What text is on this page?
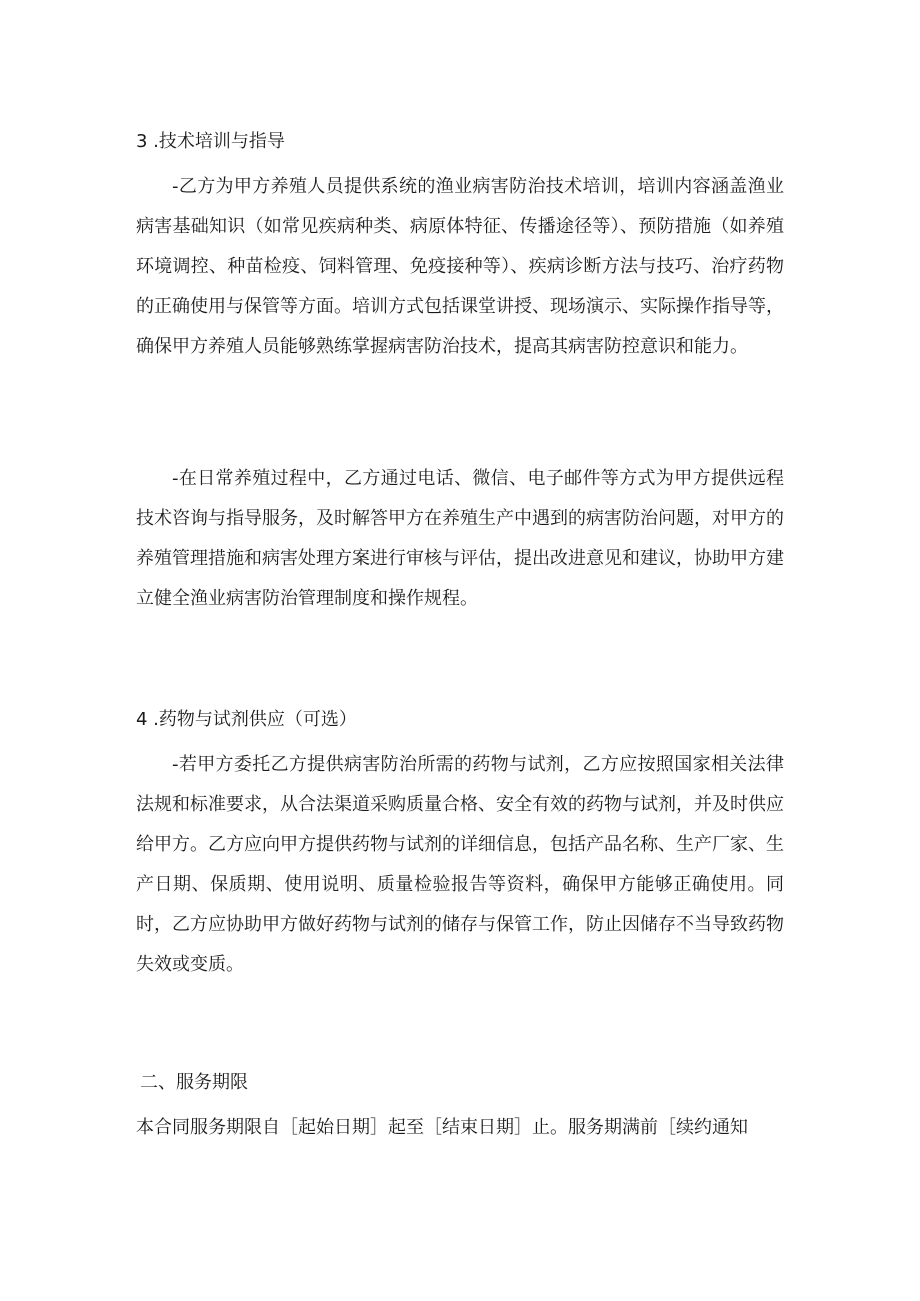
3 .技术培训与指导
-乙方为甲方养殖人员提供系统的渔业病害防治技术培训，培训内容涵盖渔业病害基础知识（如常见疾病种类、病原体特征、传播途径等）、预防措施（如养殖环境调控、种苗检疫、饲料管理、免疫接种等）、疾病诊断方法与技巧、治疗药物的正确使用与保管等方面。培训方式包括课堂讲授、现场演示、实际操作指导等，确保甲方养殖人员能够熟练掌握病害防治技术，提高其病害防控意识和能力。
-在日常养殖过程中，乙方通过电话、微信、电子邮件等方式为甲方提供远程技术咨询与指导服务，及时解答甲方在养殖生产中遇到的病害防治问题，对甲方的养殖管理措施和病害处理方案进行审核与评估，提出改进意见和建议，协助甲方建立健全渔业病害防治管理制度和操作规程。
4 .药物与试剂供应（可选）
-若甲方委托乙方提供病害防治所需的药物与试剂，乙方应按照国家相关法律法规和标准要求，从合法渠道采购质量合格、安全有效的药物与试剂，并及时供应给甲方。乙方应向甲方提供药物与试剂的详细信息，包括产品名称、生产厂家、生产日期、保质期、使用说明、质量检验报告等资料，确保甲方能够正确使用。同时，乙方应协助甲方做好药物与试剂的储存与保管工作，防止因储存不当导致药物失效或变质。
二、服务期限
本合同服务期限自［起始日期］起至［结束日期］止。服务期满前［续约通知
